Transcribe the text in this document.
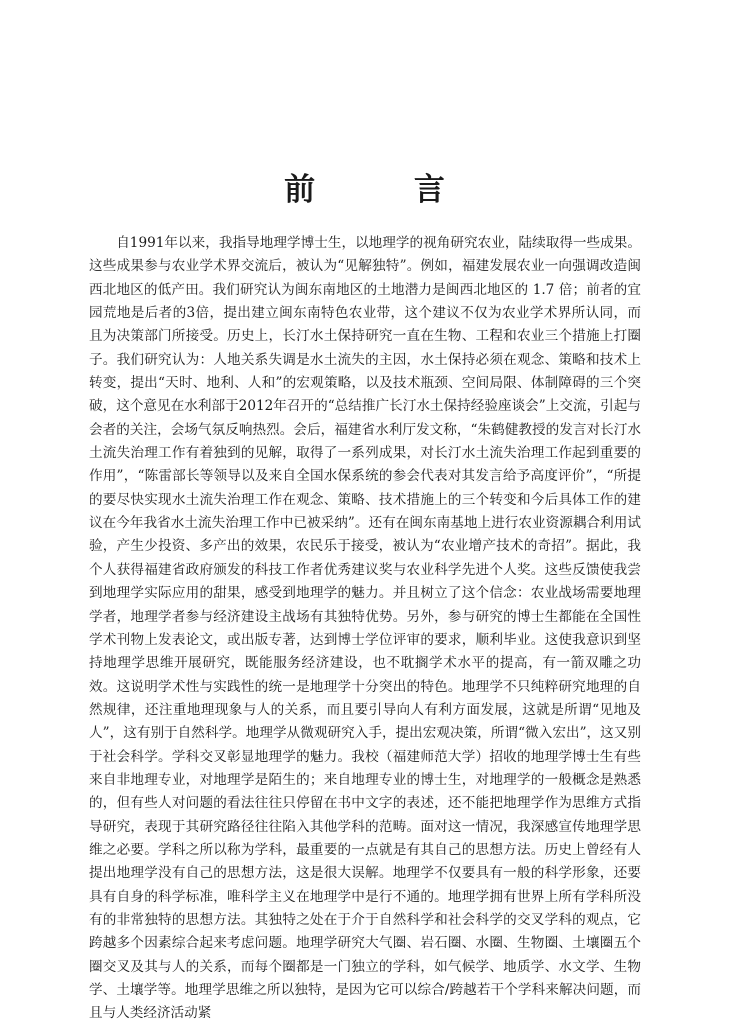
前 言

自1991年以来，我指导地理学博士生，以地理学的视角研究农业，陆续取得一些成果。这些成果参与农业学术界交流后，被认为“见解独特”。例如，福建发展农业一向强调改造闽西北地区的低产田。我们研究认为闽东南地区的土地潜力是闽西北地区的 1.7 倍；前者的宜园荒地是后者的3倍，提出建立闽东南特色农业带，这个建议不仅为农业学术界所认同，而且为决策部门所接受。历史上，长汀水土保持研究一直在生物、工程和农业三个措施上打圈子。我们研究认为：人地关系失调是水土流失的主因，水土保持必须在观念、策略和技术上转变，提出“天时、地利、人和”的宏观策略，以及技术瓶颈、空间局限、体制障碍的三个突破，这个意见在水利部于2012年召开的“总结推广长汀水土保持经验座谈会”上交流，引起与会者的关注，会场气氛反响热烈。会后，福建省水利厅发文称，“朱鹤健教授的发言对长汀水土流失治理工作有着独到的见解，取得了一系列成果，对长汀水土流失治理工作起到重要的作用”，“陈雷部长等领导以及来自全国水保系统的参会代表对其发言给予高度评价”，“所提的要尽快实现水土流失治理工作在观念、策略、技术措施上的三个转变和今后具体工作的建议在今年我省水土流失治理工作中已被采纳”。还有在闽东南基地上进行农业资源耦合利用试验，产生少投资、多产出的效果，农民乐于接受，被认为“农业增产技术的奇招”。据此，我个人获得福建省政府颁发的科技工作者优秀建议奖与农业科学先进个人奖。这些反馈使我尝到地理学实际应用的甜果，感受到地理学的魅力。并且树立了这个信念：农业战场需要地理学者，地理学者参与经济建设主战场有其独特优势。另外，参与研究的博士生都能在全国性学术刊物上发表论文，或出版专著，达到博士学位评审的要求，顺利毕业。这使我意识到坚持地理学思维开展研究，既能服务经济建设，也不耽搁学术水平的提高，有一箭双雕之功效。这说明学术性与实践性的统一是地理学十分突出的特色。地理学不只纯粹研究地理的自然规律，还注重地理现象与人的关系，而且要引导向人有利方面发展，这就是所谓“见地及人”，这有别于自然科学。地理学从微观研究入手，提出宏观决策，所谓“微入宏出”，这又别于社会科学。学科交叉彰显地理学的魅力。我校（福建师范大学）招收的地理学博士生有些来自非地理专业，对地理学是陌生的；来自地理专业的博士生，对地理学的一般概念是熟悉的，但有些人对问题的看法往往只停留在书中文字的表述，还不能把地理学作为思维方式指导研究，表现于其研究路径往往陷入其他学科的范畴。面对这一情况，我深感宣传地理学思维之必要。学科之所以称为学科，最重要的一点就是有其自己的思想方法。历史上曾经有人提出地理学没有自己的思想方法，这是很大误解。地理学不仅要具有一般的科学形象，还要具有自身的科学标准，唯科学主义在地理学中是行不通的。地理学拥有世界上所有学科所没有的非常独特的思想方法。其独特之处在于介于自然科学和社会科学的交叉学科的观点，它跨越多个因素综合起来考虑问题。地理学研究大气圈、岩石圈、水圈、生物圈、土壤圈五个圈交叉及其与人的关系，而每个圈都是一门独立的学科，如气候学、地质学、水文学、生物学、土壤学等。地理学思维之所以独特，是因为它可以综合/跨越若干个学科来解决问题，而且与人类经济活动紧
